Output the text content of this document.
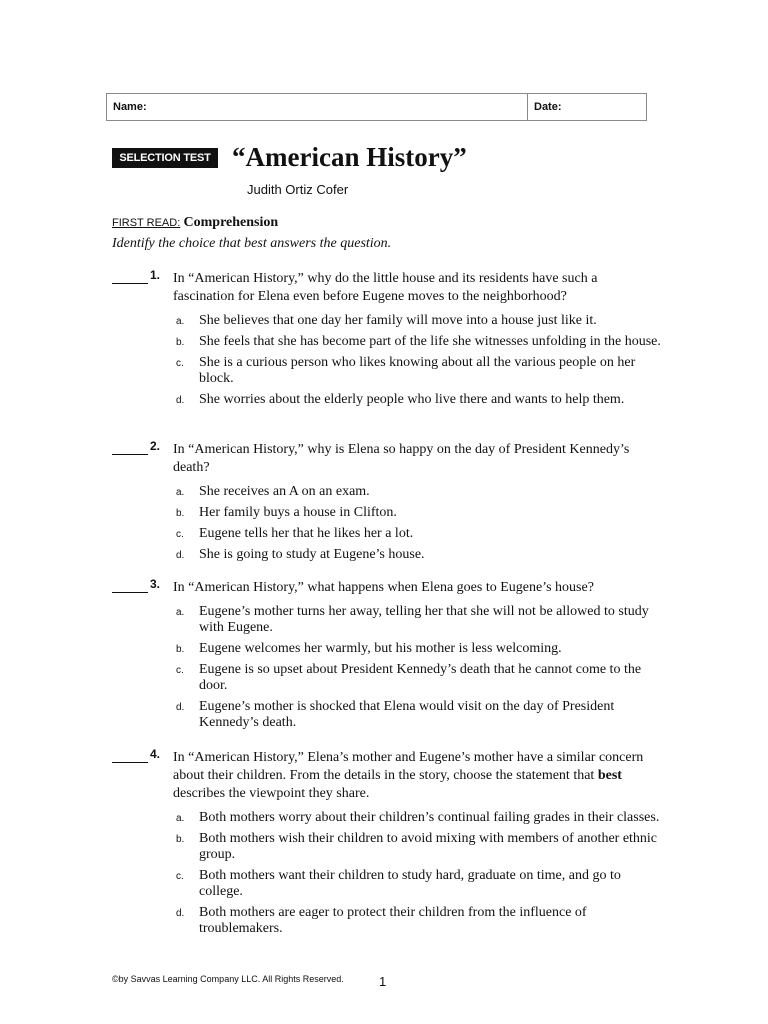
Name:	Date:
SELECTION TEST “American History”
Judith Ortiz Cofer
FIRST READ: Comprehension
Identify the choice that best answers the question.
1. In “American History,” why do the little house and its residents have such a fascination for Elena even before Eugene moves to the neighborhood?
a. She believes that one day her family will move into a house just like it.
b. She feels that she has become part of the life she witnesses unfolding in the house.
c. She is a curious person who likes knowing about all the various people on her block.
d. She worries about the elderly people who live there and wants to help them.
2. In “American History,” why is Elena so happy on the day of President Kennedy’s death?
a. She receives an A on an exam.
b. Her family buys a house in Clifton.
c. Eugene tells her that he likes her a lot.
d. She is going to study at Eugene’s house.
3. In “American History,” what happens when Elena goes to Eugene’s house?
a. Eugene’s mother turns her away, telling her that she will not be allowed to study with Eugene.
b. Eugene welcomes her warmly, but his mother is less welcoming.
c. Eugene is so upset about President Kennedy’s death that he cannot come to the door.
d. Eugene’s mother is shocked that Elena would visit on the day of President Kennedy’s death.
4. In “American History,” Elena’s mother and Eugene’s mother have a similar concern about their children. From the details in the story, choose the statement that best describes the viewpoint they share.
a. Both mothers worry about their children’s continual failing grades in their classes.
b. Both mothers wish their children to avoid mixing with members of another ethnic group.
c. Both mothers want their children to study hard, graduate on time, and go to college.
d. Both mothers are eager to protect their children from the influence of troublemakers.
©by Savvas Learning Company LLC. All Rights Reserved.	1
